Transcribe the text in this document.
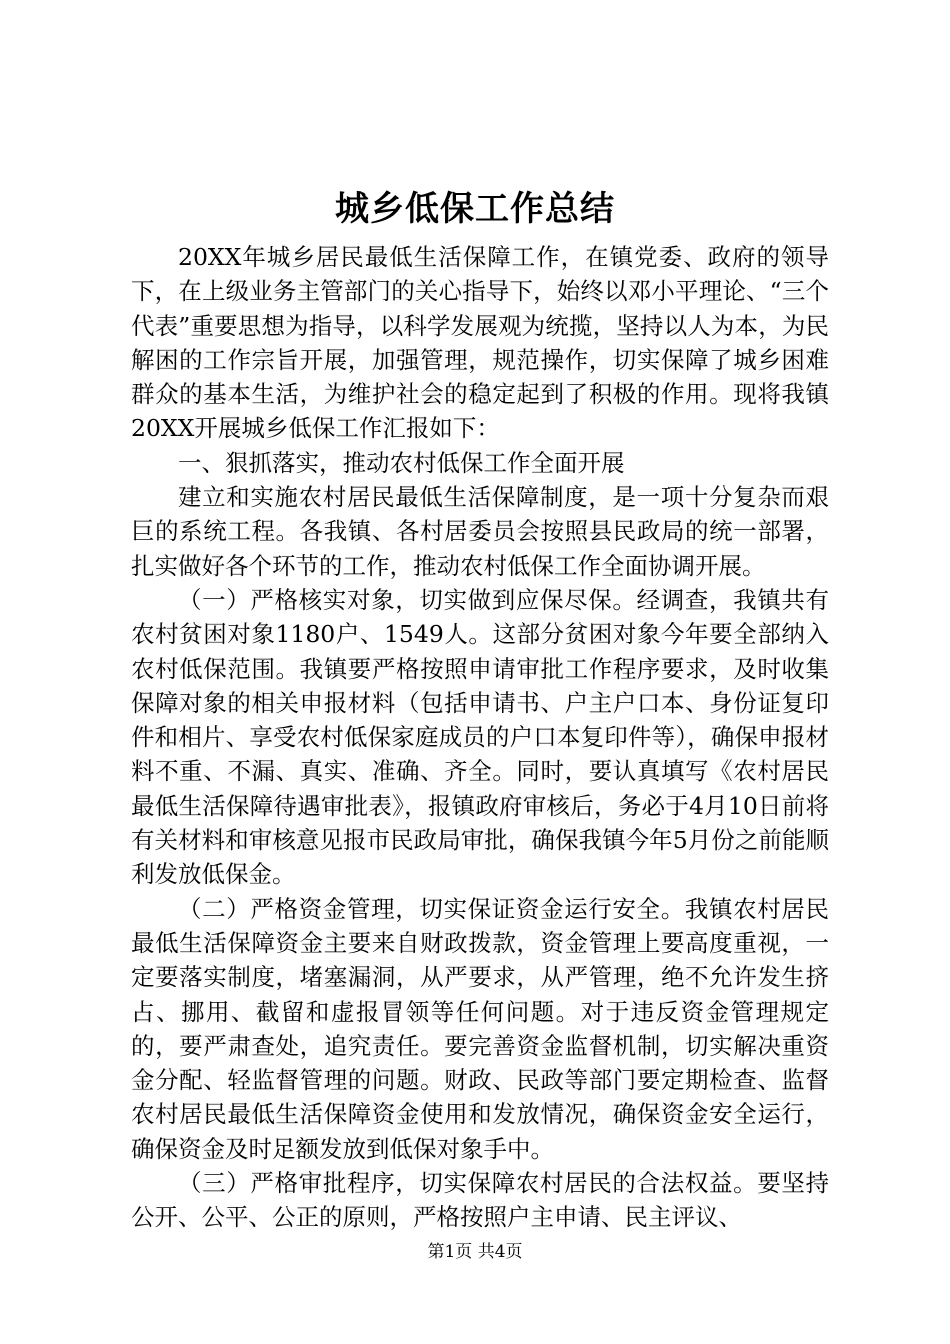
城乡低保工作总结

20XX年城乡居民最低生活保障工作，在镇党委、政府的领导下，在上级业务主管部门的关心指导下，始终以邓小平理论、“三个代表”重要思想为指导，以科学发展观为统揽，坚持以人为本，为民解困的工作宗旨开展，加强管理，规范操作，切实保障了城乡困难群众的基本生活，为维护社会的稳定起到了积极的作用。现将我镇20XX开展城乡低保工作汇报如下：

一、狠抓落实，推动农村低保工作全面开展

建立和实施农村居民最低生活保障制度，是一项十分复杂而艰巨的系统工程。各我镇、各村居委员会按照县民政局的统一部署，扎实做好各个环节的工作，推动农村低保工作全面协调开展。

（一）严格核实对象，切实做到应保尽保。经调查，我镇共有农村贫困对象1180户、1549人。这部分贫困对象今年要全部纳入农村低保范围。我镇要严格按照申请审批工作程序要求，及时收集保障对象的相关申报材料（包括申请书、户主户口本、身份证复印件和相片、享受农村低保家庭成员的户口本复印件等），确保申报材料不重、不漏、真实、准确、齐全。同时，要认真填写《农村居民最低生活保障待遇审批表》，报镇政府审核后，务必于4月10日前将有关材料和审核意见报市民政局审批，确保我镇今年5月份之前能顺利发放低保金。

（二）严格资金管理，切实保证资金运行安全。我镇农村居民最低生活保障资金主要来自财政拨款，资金管理上要高度重视，一定要落实制度，堵塞漏洞，从严要求，从严管理，绝不允许发生挤占、挪用、截留和虚报冒领等任何问题。对于违反资金管理规定的，要严肃查处，追究责任。要完善资金监督机制，切实解决重资金分配、轻监督管理的问题。财政、民政等部门要定期检查、监督农村居民最低生活保障资金使用和发放情况，确保资金安全运行，确保资金及时足额发放到低保对象手中。

（三）严格审批程序，切实保障农村居民的合法权益。要坚持公开、公平、公正的原则，严格按照户主申请、民主评议、

第1页 共4页
